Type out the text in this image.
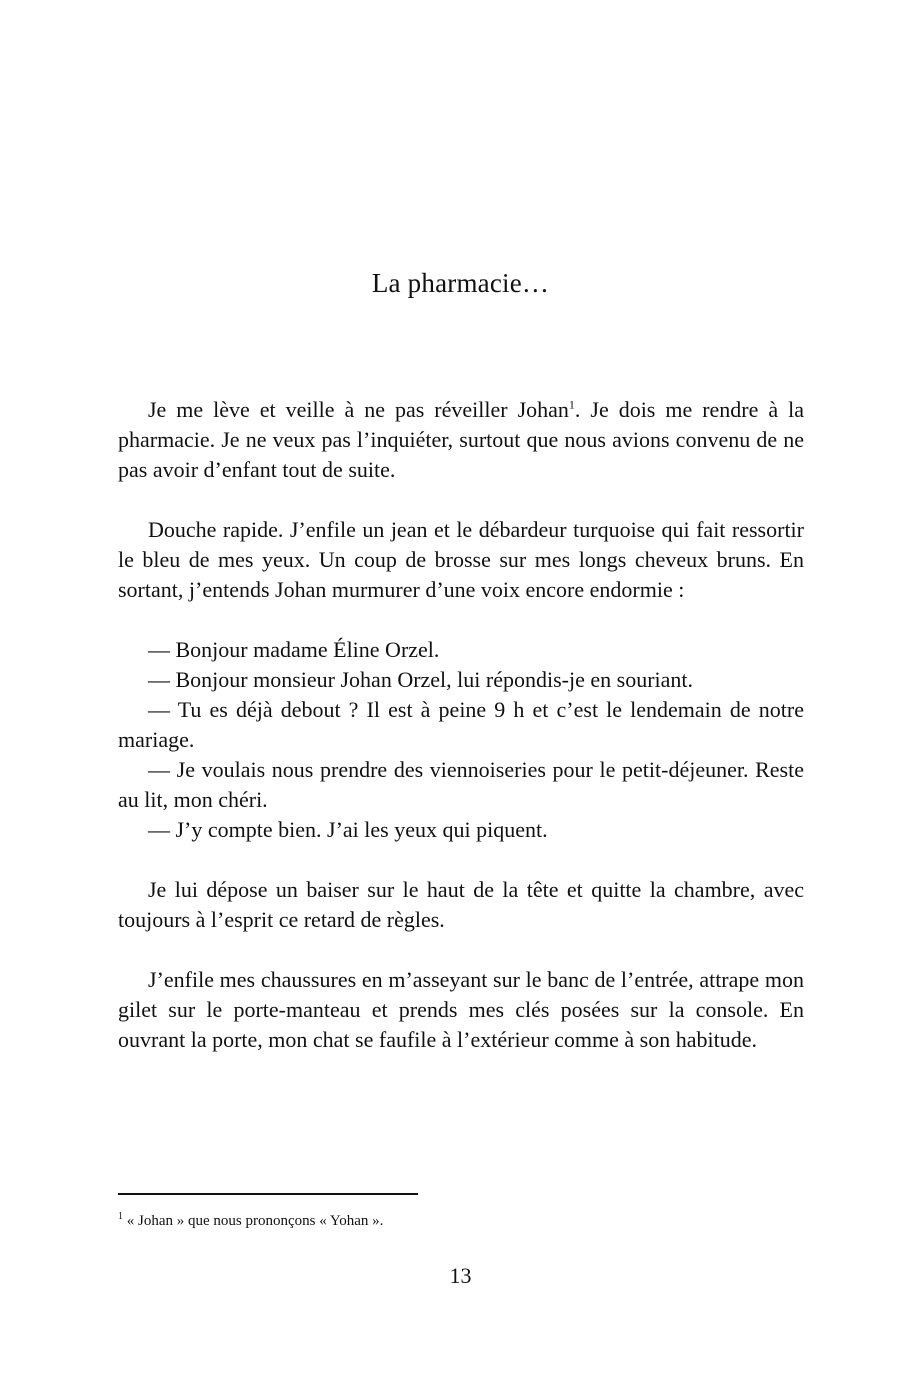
La pharmacie…

Je me lève et veille à ne pas réveiller Johan$^1$. Je dois me rendre à la pharmacie. Je ne veux pas l’inquiéter, surtout que nous avions convenu de ne pas avoir d’enfant tout de suite.

Douche rapide. J’enfile un jean et le débardeur turquoise qui fait ressortir le bleu de mes yeux. Un coup de brosse sur mes longs cheveux bruns. En sortant, j’entends Johan murmurer d’une voix encore endormie :

— Bonjour madame Éline Orzel.

— Bonjour monsieur Johan Orzel, lui répondis-je en souriant.

— Tu es déjà debout ? Il est à peine 9 h et c’est le lendemain de notre mariage.

— Je voulais nous prendre des viennoiseries pour le petit-déjeuner. Reste au lit, mon chéri.

— J’y compte bien. J’ai les yeux qui piquent.

Je lui dépose un baiser sur le haut de la tête et quitte la chambre, avec toujours à l’esprit ce retard de règles.

J’enfile mes chaussures en m’asseyant sur le banc de l’entrée, attrape mon gilet sur le porte-manteau et prends mes clés posées sur la console. En ouvrant la porte, mon chat se faufile à l’extérieur comme à son habitude.

$^1$ « Johan » que nous prononçons « Yohan ».
13
